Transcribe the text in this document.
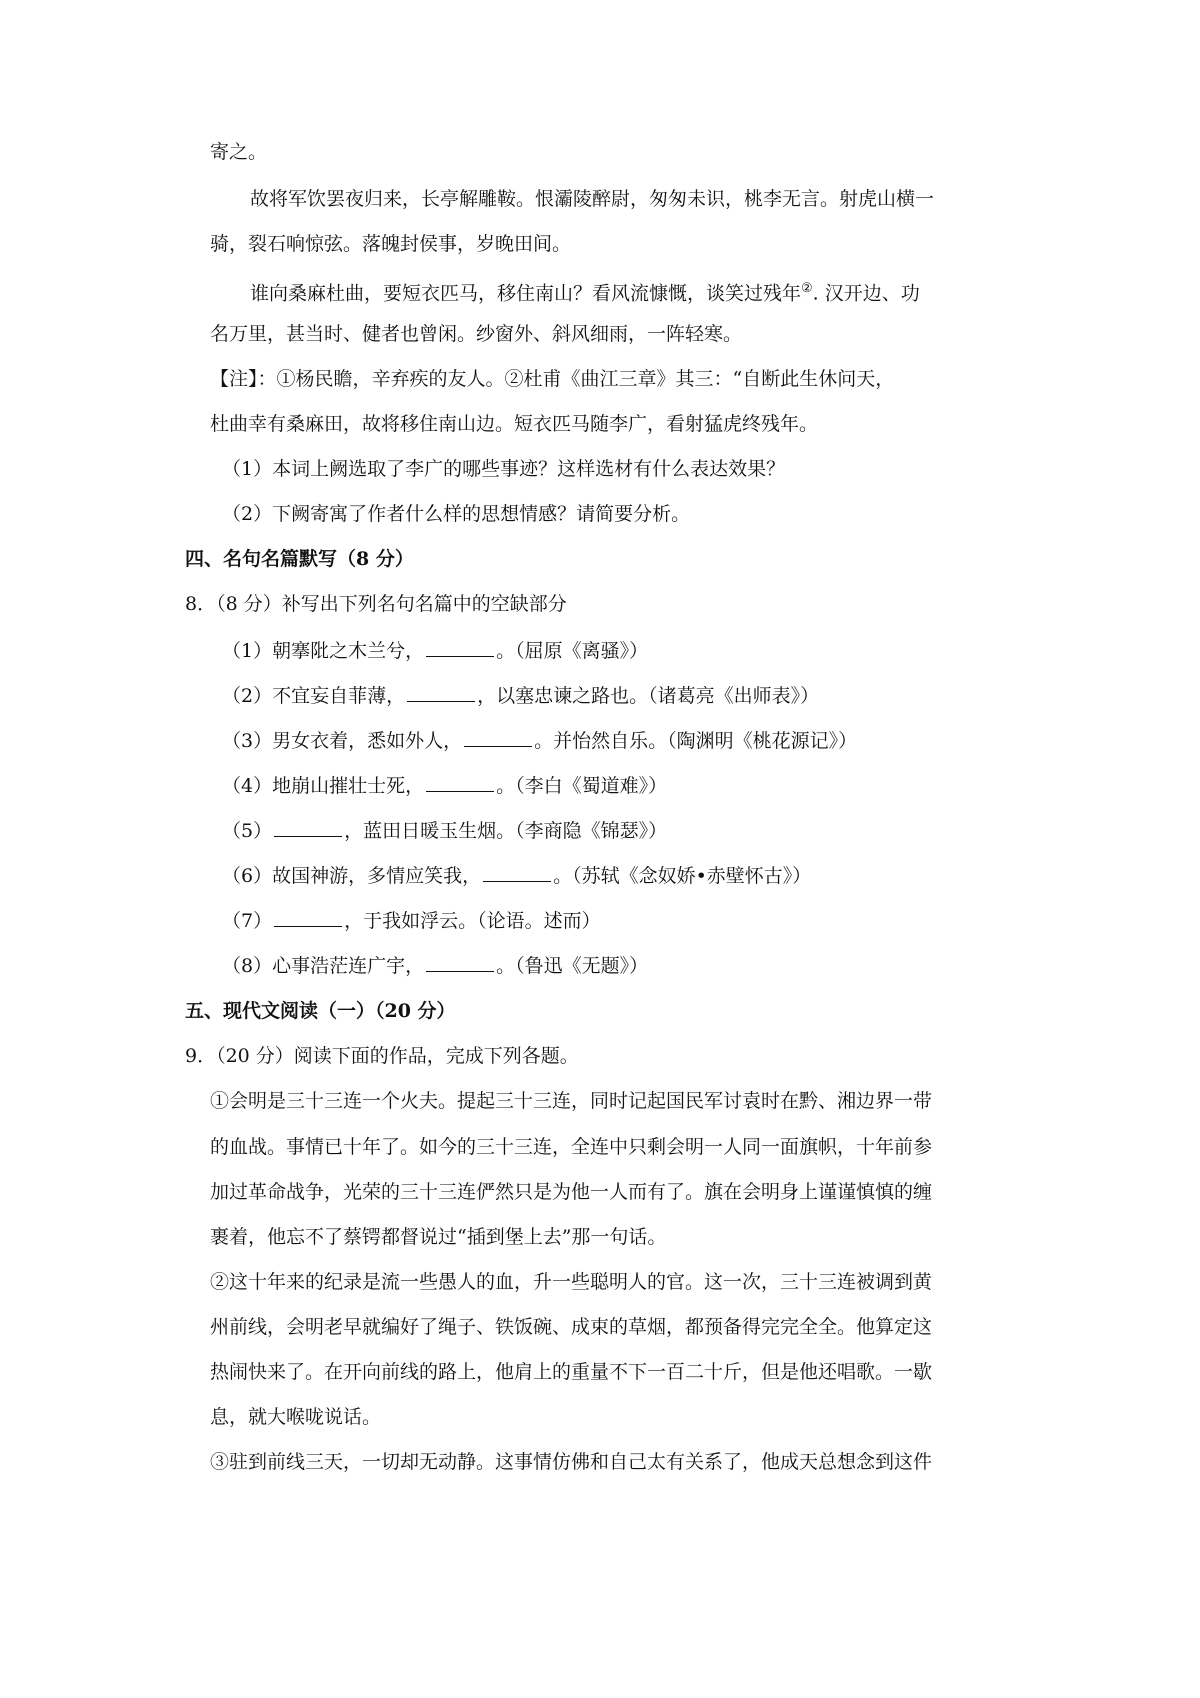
寄之。
故将军饮罢夜归来，长亭解雕鞍。恨灞陵醉尉，匆匆未识，桃李无言。射虎山横一
骑，裂石响惊弦。落魄封侯事，岁晚田间。
谁向桑麻杜曲，要短衣匹马，移住南山？看风流慷慨，谈笑过残年②. 汉开边、功
名万里，甚当时、健者也曾闲。纱窗外、斜风细雨，一阵轻寒。
【注】：①杨民瞻，辛弃疾的友人。②杜甫《曲江三章》其三：“自断此生休问天，
杜曲幸有桑麻田，故将移住南山边。短衣匹马随李广，看射猛虎终残年。
（1）本词上阙选取了李广的哪些事迹？这样选材有什么表达效果？
（2）下阙寄寓了作者什么样的思想情感？请简要分析。
四、名句名篇默写（8 分）
8．（8 分）补写出下列名句名篇中的空缺部分
（1）朝搴阰之木兰兮，	。（屈原《离骚》）
（2）不宜妄自菲薄，	，以塞忠谏之路也。（诸葛亮《出师表》）
（3）男女衣着，悉如外人，	。并怡然自乐。（陶渊明《桃花源记》）
（4）地崩山摧壮士死，	。（李白《蜀道难》）
（5）	，蓝田日暖玉生烟。（李商隐《锦瑟》）
（6）故国神游，多情应笑我，	。（苏轼《念奴娇•赤壁怀古》）
（7）	，于我如浮云。（论语。述而）
（8）心事浩茫连广宇，	。（鲁迅《无题》）
五、现代文阅读（一）（20 分）
9．（20 分）阅读下面的作品，完成下列各题。
①会明是三十三连一个火夫。提起三十三连，同时记起国民军讨袁时在黔、湘边界一带
的血战。事情已十年了。如今的三十三连，全连中只剩会明一人同一面旗帜，十年前参
加过革命战争，光荣的三十三连俨然只是为他一人而有了。旗在会明身上谨谨慎慎的缠
裹着，他忘不了蔡锷都督说过“插到堡上去”那一句话。
②这十年来的纪录是流一些愚人的血，升一些聪明人的官。这一次，三十三连被调到黄
州前线，会明老早就编好了绳子、铁饭碗、成束的草烟，都预备得完完全全。他算定这
热闹快来了。在开向前线的路上，他肩上的重量不下一百二十斤，但是他还唱歌。一歇
息，就大喉咙说话。
③驻到前线三天，一切却无动静。这事情仿佛和自己太有关系了，他成天总想念到这件
